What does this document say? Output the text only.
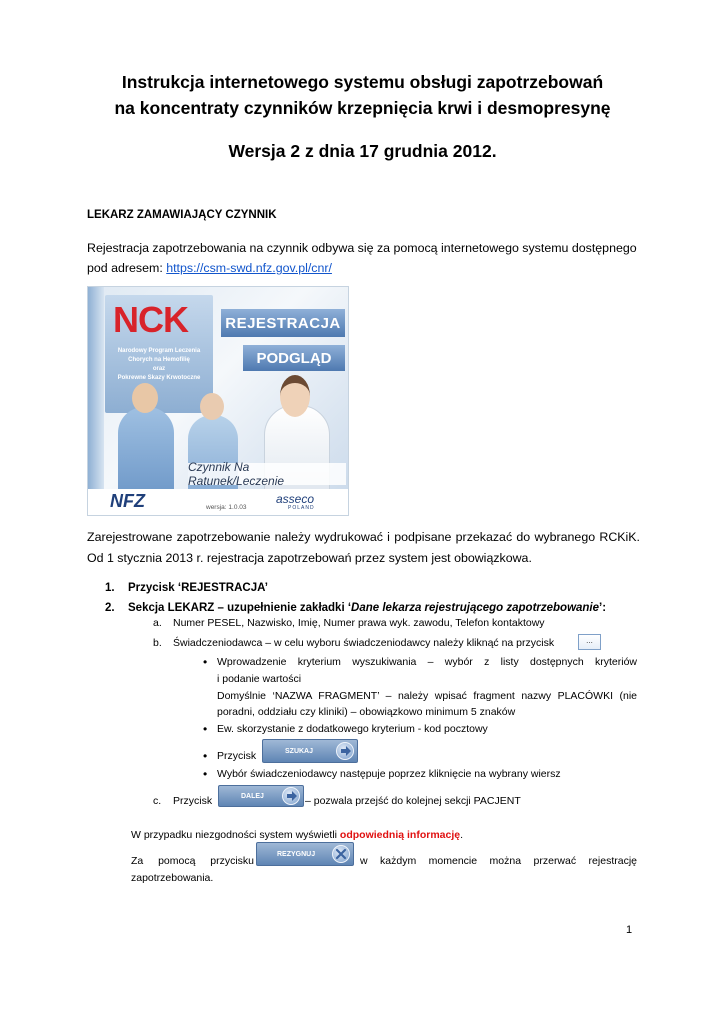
Instrukcja internetowego systemu obsługi zapotrzebowań
na koncentraty czynników krzepnięcia krwi i desmopresynę
Wersja 2 z dnia 17 grudnia 2012.
LEKARZ ZAMAWIAJĄCY CZYNNIK
Rejestracja zapotrzebowania na czynnik odbywa się za pomocą internetowego systemu dostępnego
pod adresem: https://csm-swd.nfz.gov.pl/cnr/
NCK
Narodowy Program Leczenia
Chorych na Hemofilię
oraz
Pokrewne Skazy Krwotoczne
REJESTRACJA
PODGLĄD
Czynnik Na Ratunek/Leczenie
NFZ	asseco
POLAND
wersja: 1.0.03
Zarejestrowane zapotrzebowanie należy wydrukować i podpisane przekazać do wybranego RCKiK.
Od 1 stycznia 2013 r. rejestracja zapotrzebowań przez system jest obowiązkowa.
1. Przycisk ‘REJESTRACJA’
2. Sekcja LEKARZ – uzupełnienie zakładki ‘Dane lekarza rejestrującego zapotrzebowanie’:
a. Numer PESEL, Nazwisko, Imię, Numer prawa wyk. zawodu, Telefon kontaktowy
b. Świadczeniodawca – w celu wyboru świadczeniodawcy należy kliknąć na przycisk	...
• Wprowadzenie kryterium wyszukiwania – wybór z listy dostępnych kryteriów
i podanie wartości
Domyślnie ‘NAZWA FRAGMENT’ – należy wpisać fragment nazwy PLACÓWKI (nie
poradni, oddziału czy kliniki) – obowiązkowo minimum 5 znaków
• Ew. skorzystanie z dodatkowego kryterium - kod pocztowy
• Przycisk	SZUKAJ
• Wybór świadczeniodawcy następuje poprzez kliknięcie na wybrany wiersz
c. Przycisk	DALEJ	– pozwala przejść do kolejnej sekcji PACJENT
W przypadku niezgodności system wyświetli odpowiednią informację.
Za pomocą przycisku
REZYGNUJ
w każdym momencie można przerwać rejestrację
zapotrzebowania.
1
